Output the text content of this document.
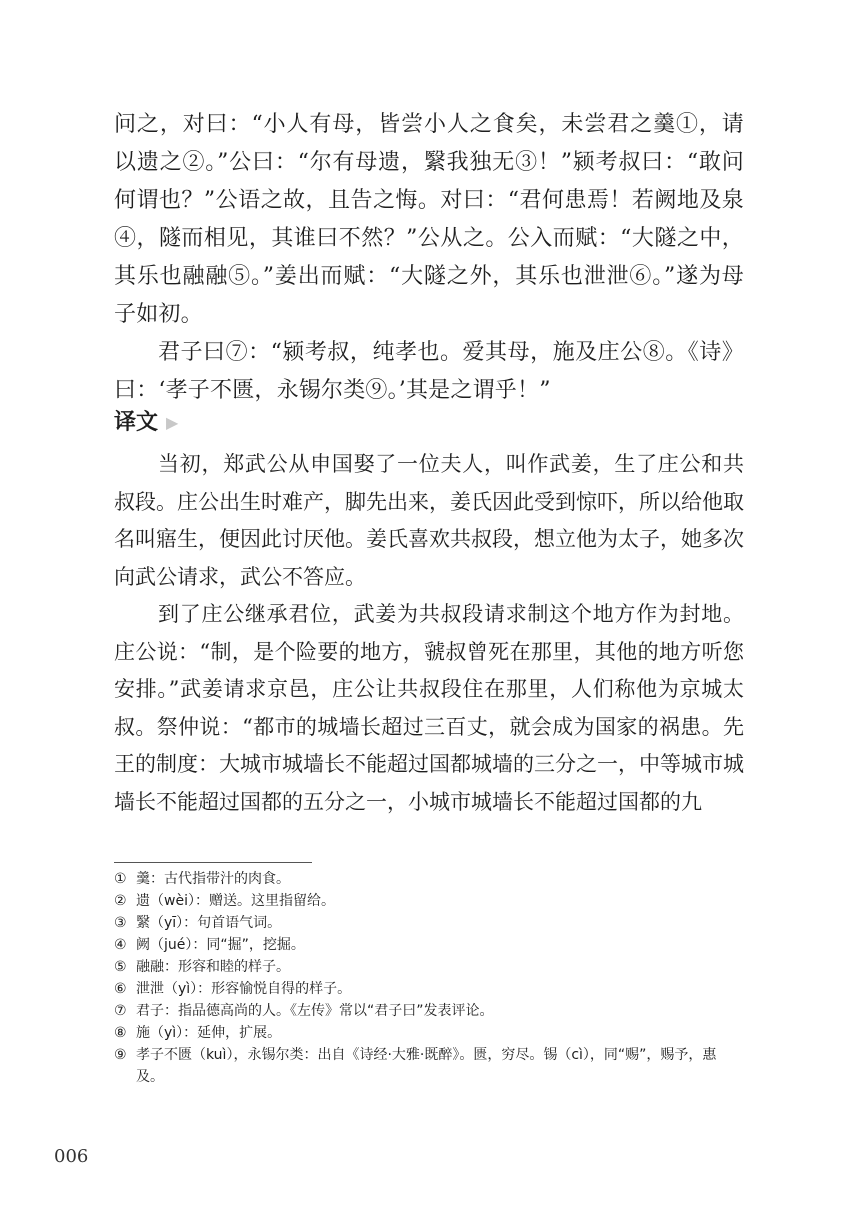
问之，对曰：“小人有母，皆尝小人之食矣，未尝君之羹①，请以遗之②。”公曰：“尔有母遗，繄我独无③！”颍考叔曰：“敢问何谓也？”公语之故，且告之悔。对曰：“君何患焉！若阙地及泉④，隧而相见，其谁曰不然？”公从之。公入而赋：“大隧之中，其乐也融融⑤。”姜出而赋：“大隧之外，其乐也泄泄⑥。”遂为母子如初。

君子曰⑦：“颍考叔，纯孝也。爱其母，施及庄公⑧。《诗》曰：‘孝子不匮，永锡尔类⑨。’其是之谓乎！”

译文 ▶

当初，郑武公从申国娶了一位夫人，叫作武姜，生了庄公和共叔段。庄公出生时难产，脚先出来，姜氏因此受到惊吓，所以给他取名叫寤生，便因此讨厌他。姜氏喜欢共叔段，想立他为太子，她多次向武公请求，武公不答应。

到了庄公继承君位，武姜为共叔段请求制这个地方作为封地。庄公说：“制，是个险要的地方，虢叔曾死在那里，其他的地方听您安排。”武姜请求京邑，庄公让共叔段住在那里，人们称他为京城太叔。祭仲说：“都市的城墙长超过三百丈，就会成为国家的祸患。先王的制度：大城市城墙长不能超过国都城墙的三分之一，中等城市城墙长不能超过国都的五分之一，小城市城墙长不能超过国都的九

① 羹：古代指带汁的肉食。

② 遗（wèi）：赠送。这里指留给。

③ 繄（yī）：句首语气词。

④ 阙（jué）：同“掘”，挖掘。

⑤ 融融：形容和睦的样子。

⑥ 泄泄（yì）：形容愉悦自得的样子。

⑦ 君子：指品德高尚的人。《左传》常以“君子曰”发表评论。

⑧ 施（yì）：延伸，扩展。

⑨ 孝子不匮（kuì），永锡尔类：出自《诗经·大雅·既醉》。匮，穷尽。锡（cì），同“赐”，赐予，惠及。

006
